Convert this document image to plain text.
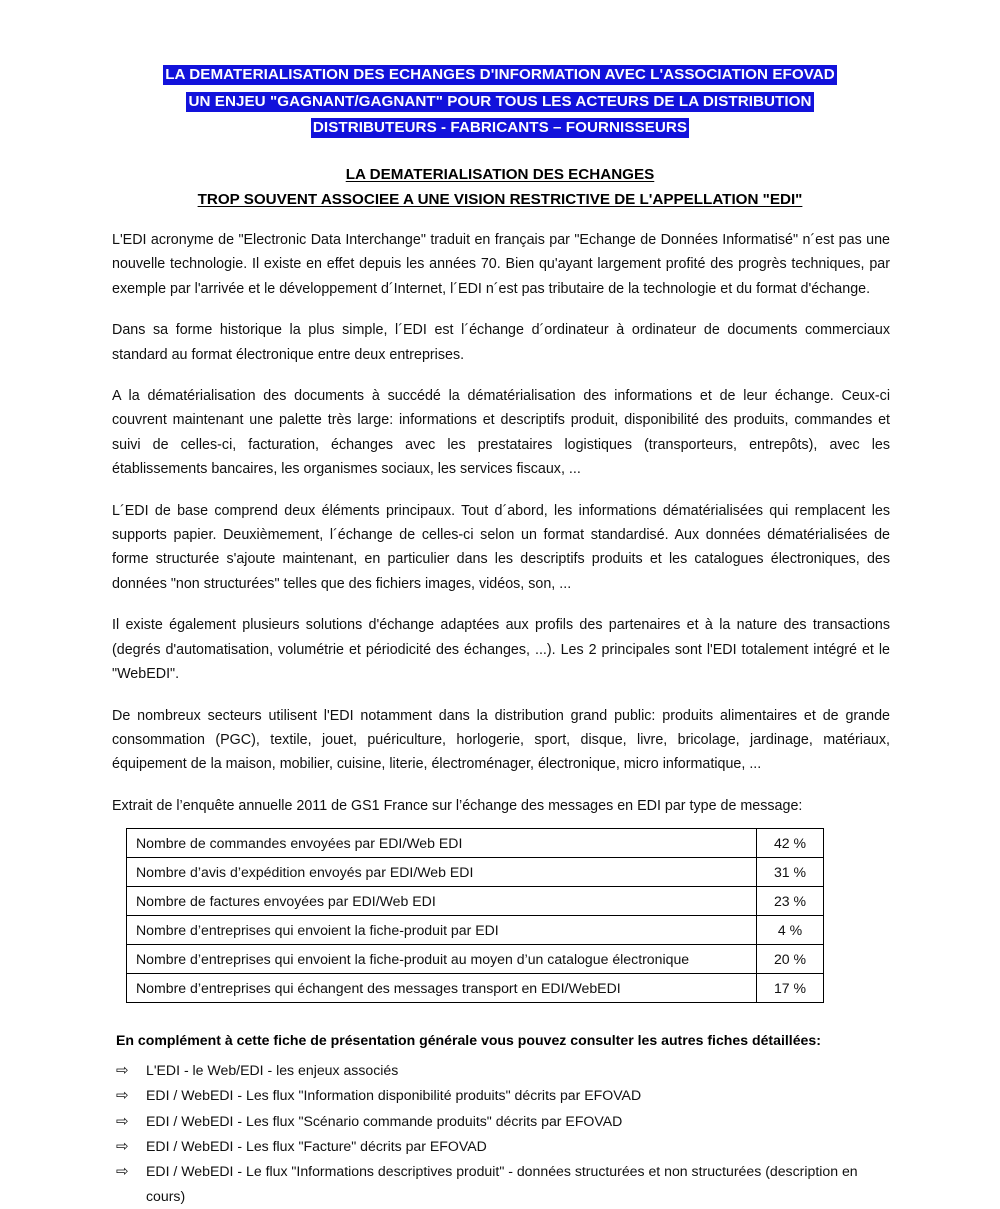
LA DEMATERIALISATION DES ECHANGES D'INFORMATION AVEC L'ASSOCIATION EFOVAD
UN ENJEU "GAGNANT/GAGNANT" POUR TOUS LES ACTEURS DE LA DISTRIBUTION
DISTRIBUTEURS - FABRICANTS – FOURNISSEURS
LA DEMATERIALISATION DES ECHANGES
TROP SOUVENT ASSOCIEE A UNE VISION RESTRICTIVE DE L'APPELLATION "EDI"

L'EDI acronyme de "Electronic Data Interchange" traduit en français par "Echange de Données Informatisé" n´est pas une nouvelle technologie. Il existe en effet depuis les années 70. Bien qu'ayant largement profité des progrès techniques, par exemple par l'arrivée et le développement d´Internet, l´EDI n´est pas tributaire de la technologie et du format d'échange.

Dans sa forme historique la plus simple, l´EDI est l´échange d´ordinateur à ordinateur de documents commerciaux standard au format électronique entre deux entreprises.

A la dématérialisation des documents à succédé la dématérialisation des informations et de leur échange. Ceux-ci couvrent maintenant une palette très large: informations et descriptifs produit, disponibilité des produits, commandes et suivi de celles-ci, facturation, échanges avec les prestataires logistiques (transporteurs, entrepôts), avec les établissements bancaires, les organismes sociaux, les services fiscaux, ...

L´EDI de base comprend deux éléments principaux. Tout d´abord, les informations dématérialisées qui remplacent les supports papier. Deuxièmement, l´échange de celles-ci selon un format standardisé. Aux données dématérialisées de forme structurée s'ajoute maintenant, en particulier dans les descriptifs produits et les catalogues électroniques, des données "non structurées" telles que des fichiers images, vidéos, son, ...

Il existe également plusieurs solutions d'échange adaptées aux profils des partenaires et à la nature des transactions (degrés d'automatisation, volumétrie et périodicité des échanges, ...). Les 2 principales sont l'EDI totalement intégré et le "WebEDI".

De nombreux secteurs utilisent l'EDI notamment dans la distribution grand public: produits alimentaires et de grande consommation (PGC), textile, jouet, puériculture, horlogerie, sport, disque, livre, bricolage, jardinage, matériaux, équipement de la maison, mobilier, cuisine, literie, électroménager, électronique, micro informatique, ...

Extrait de l’enquête annuelle 2011 de GS1 France sur l’échange des messages en EDI par type de message:

Nombre de commandes envoyées par EDI/Web EDI	42 %
Nombre d’avis d’expédition envoyés par EDI/Web EDI	31 %
Nombre de factures envoyées par EDI/Web EDI	23 %
Nombre d’entreprises qui envoient la fiche-produit par EDI	4 %
Nombre d’entreprises qui envoient la fiche-produit au moyen d’un catalogue électronique	20 %
Nombre d’entreprises qui échangent des messages transport en EDI/WebEDI	17 %
En complément à cette fiche de présentation générale vous pouvez consulter les autres fiches détaillées:
⇨	L'EDI - le Web/EDI - les enjeux associés
⇨	EDI / WebEDI - Les flux "Information disponibilité produits" décrits par EFOVAD
⇨	EDI / WebEDI - Les flux "Scénario commande produits" décrits par EFOVAD
⇨	EDI / WebEDI - Les flux "Facture" décrits par EFOVAD
⇨	EDI / WebEDI - Le flux "Informations descriptives produit" - données structurées et non structurées (description en cours)
